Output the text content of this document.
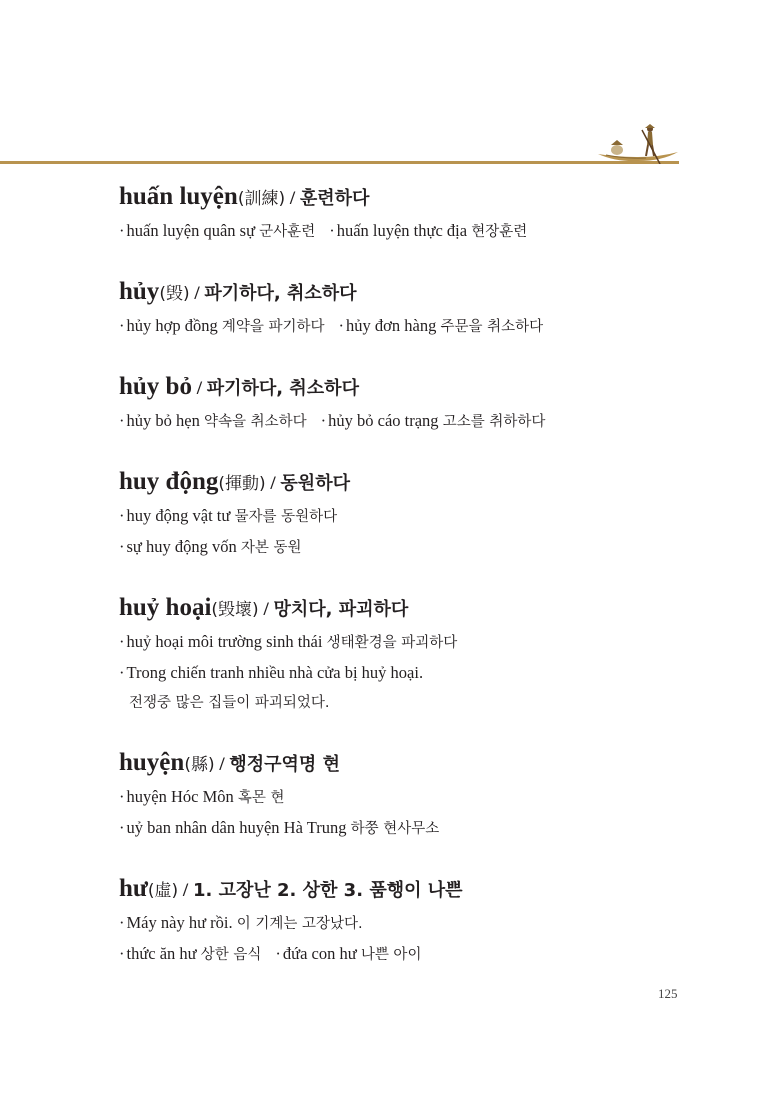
huấn luyện(訓練) / 훈련하다
· huấn luyện quân sự 군사훈련 · huấn luyện thực địa 현장훈련
hủy(毁) / 파기하다, 취소하다
· hủy hợp đồng 계약을 파기하다 · hủy đơn hàng 주문을 취소하다
hủy bỏ / 파기하다, 취소하다
· hủy bỏ hẹn 약속을 취소하다 · hủy bỏ cáo trạng 고소를 취하하다
huy động(揮動) / 동원하다
· huy động vật tư 물자를 동원하다
· sự huy động vốn 자본 동원
huỷ hoại(毁壞) / 망치다, 파괴하다
· huỷ hoại môi trường sinh thái 생태환경을 파괴하다
· Trong chiến tranh nhiều nhà cửa bị huỷ hoại.
전쟁중 많은 집들이 파괴되었다.
huyện(縣) / 행정구역명 현
· huyện Hóc Môn 혹몬 현
· uỷ ban nhân dân huyện Hà Trung 하쭝 현사무소
hư(虛) / 1. 고장난 2. 상한 3. 품행이 나쁜
· Máy này hư rồi. 이 기계는 고장났다.
· thức ăn hư 상한 음식 · đứa con hư 나쁜 아이
125
